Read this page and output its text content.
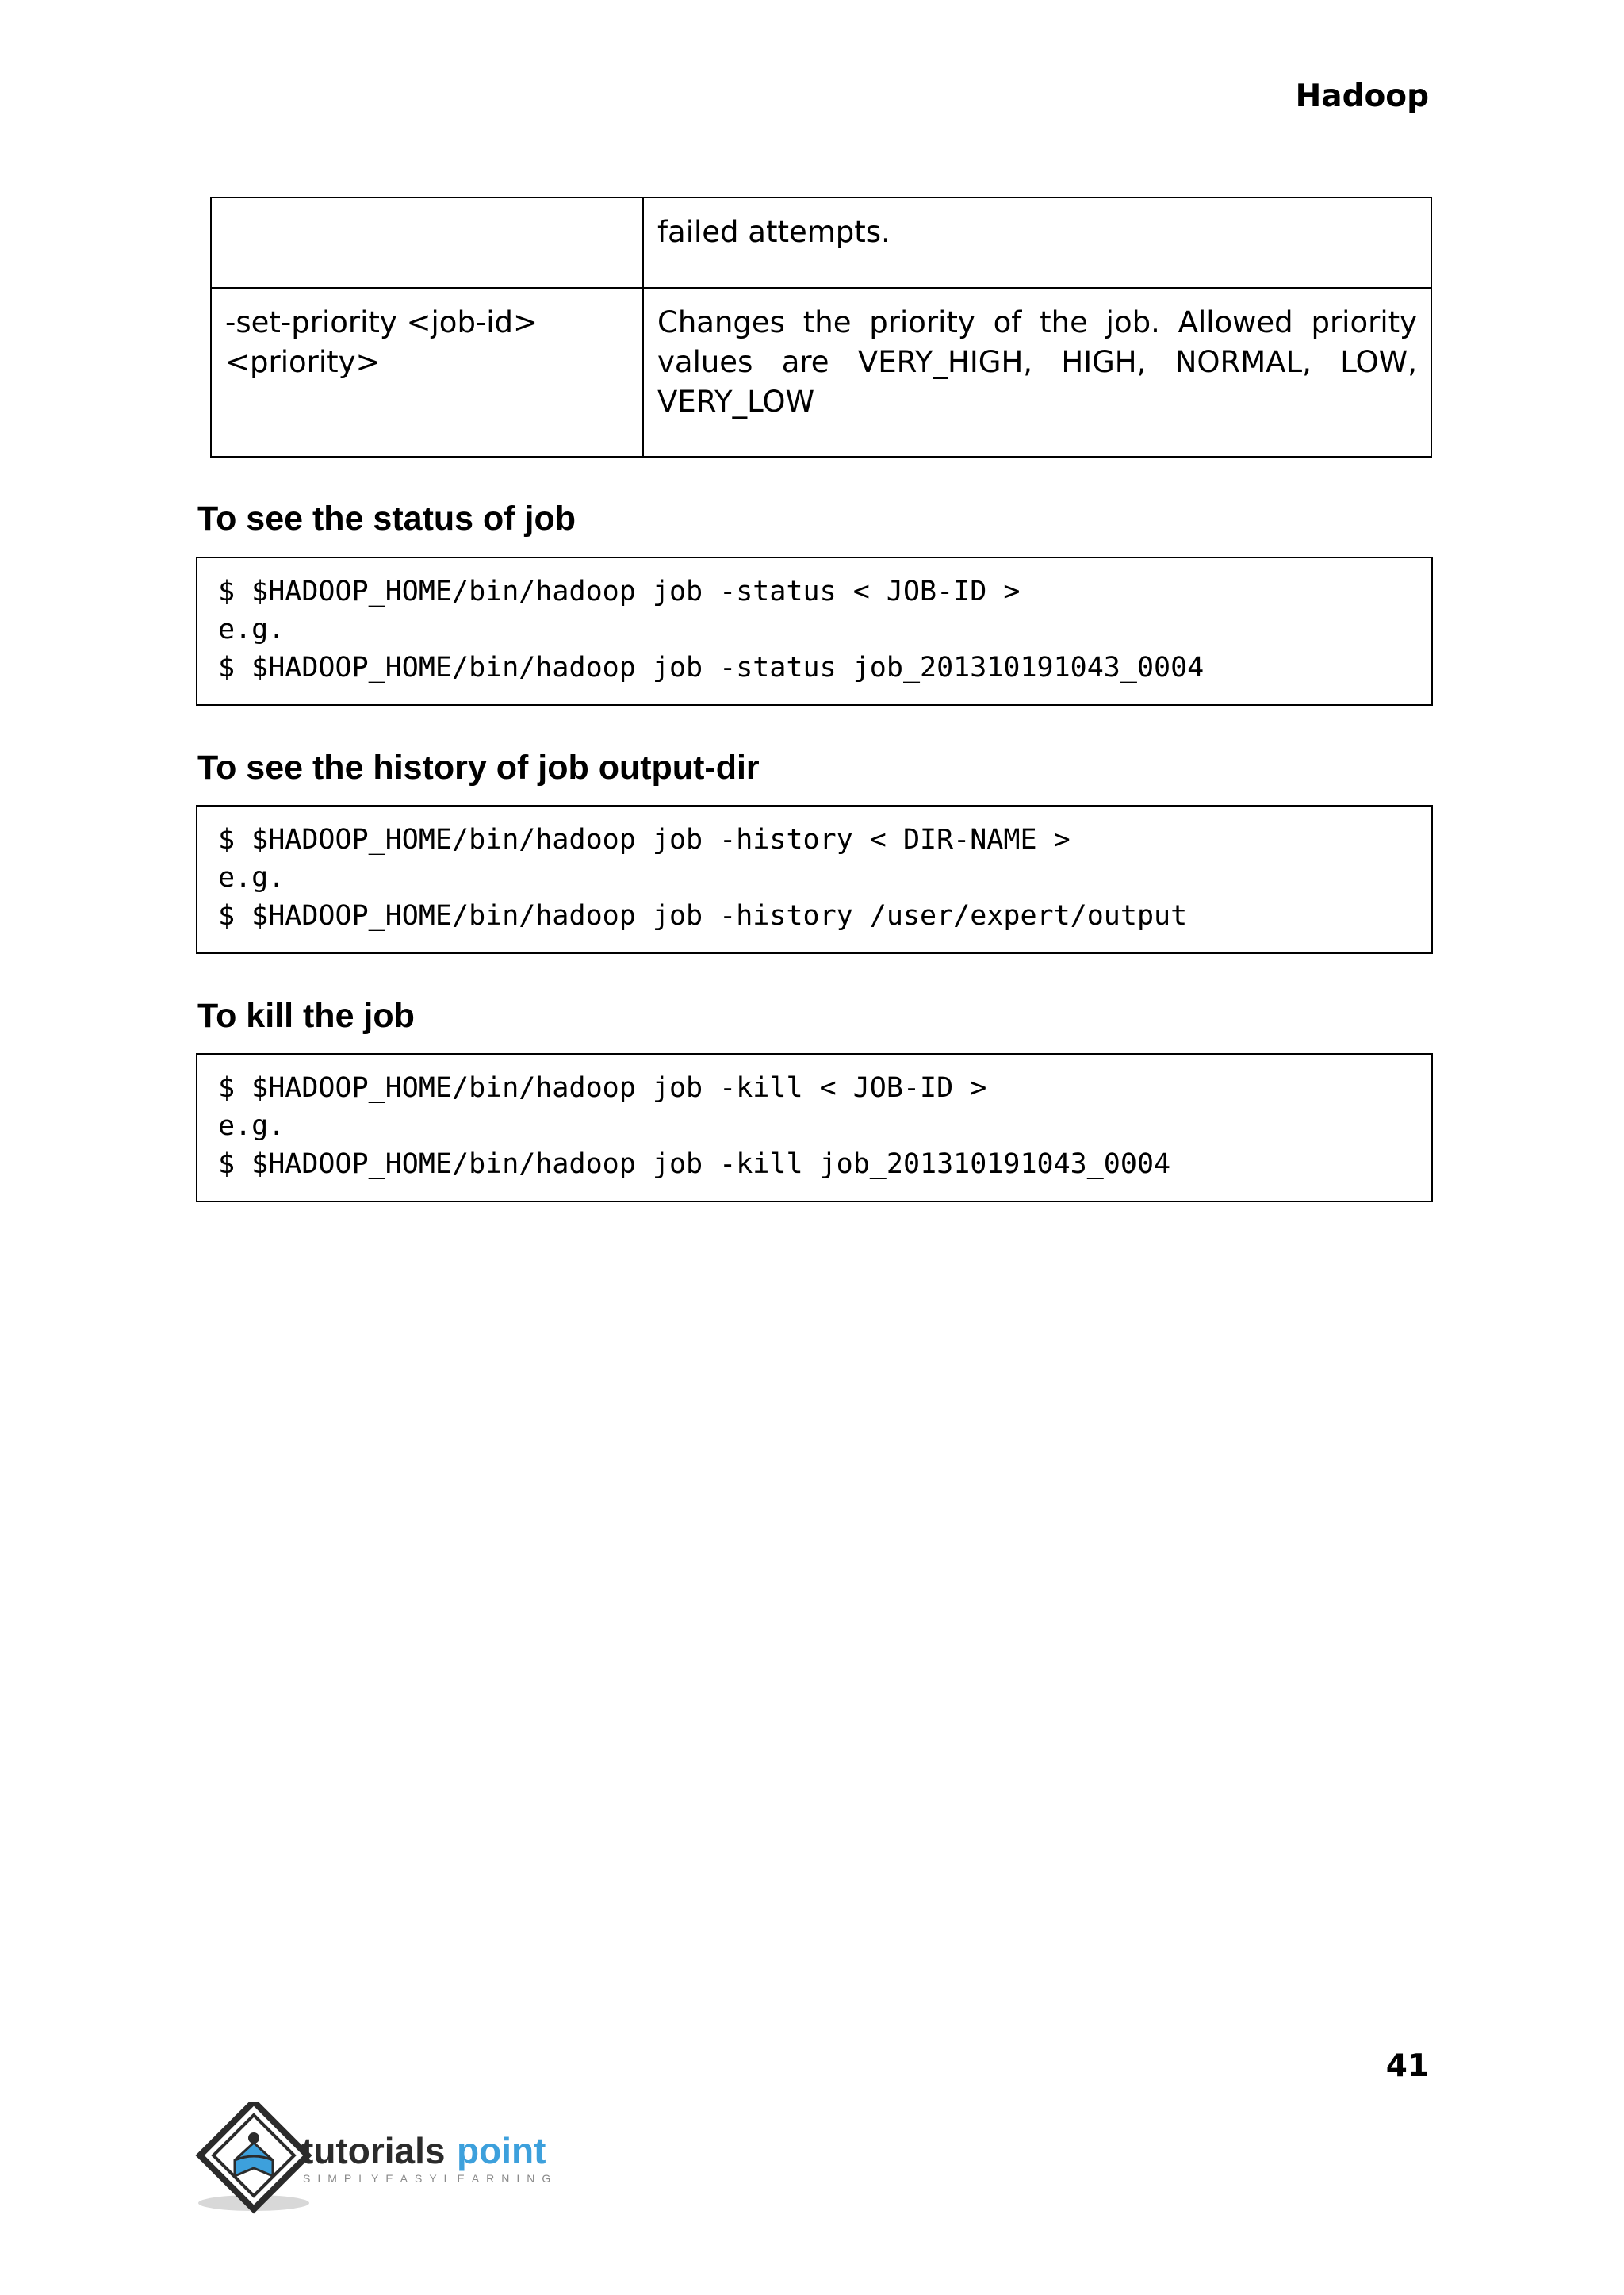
Hadoop
	failed attempts.

-set-priority <job-id>
<priority>	Changes the priority of the job. Allowed priority values are VERY_HIGH, HIGH, NORMAL, LOW, VERY_LOW
To see the status of job
$ $HADOOP_HOME/bin/hadoop job -status < JOB-ID >
e.g.
$ $HADOOP_HOME/bin/hadoop job -status job_201310191043_0004
To see the history of job output-dir
$ $HADOOP_HOME/bin/hadoop job -history < DIR-NAME >
e.g.
$ $HADOOP_HOME/bin/hadoop job -history /user/expert/output
To kill the job
$ $HADOOP_HOME/bin/hadoop job -kill < JOB-ID >
e.g.
$ $HADOOP_HOME/bin/hadoop job -kill job_201310191043_0004
41
tutorials point
SIMPLYEASYLEARNING
